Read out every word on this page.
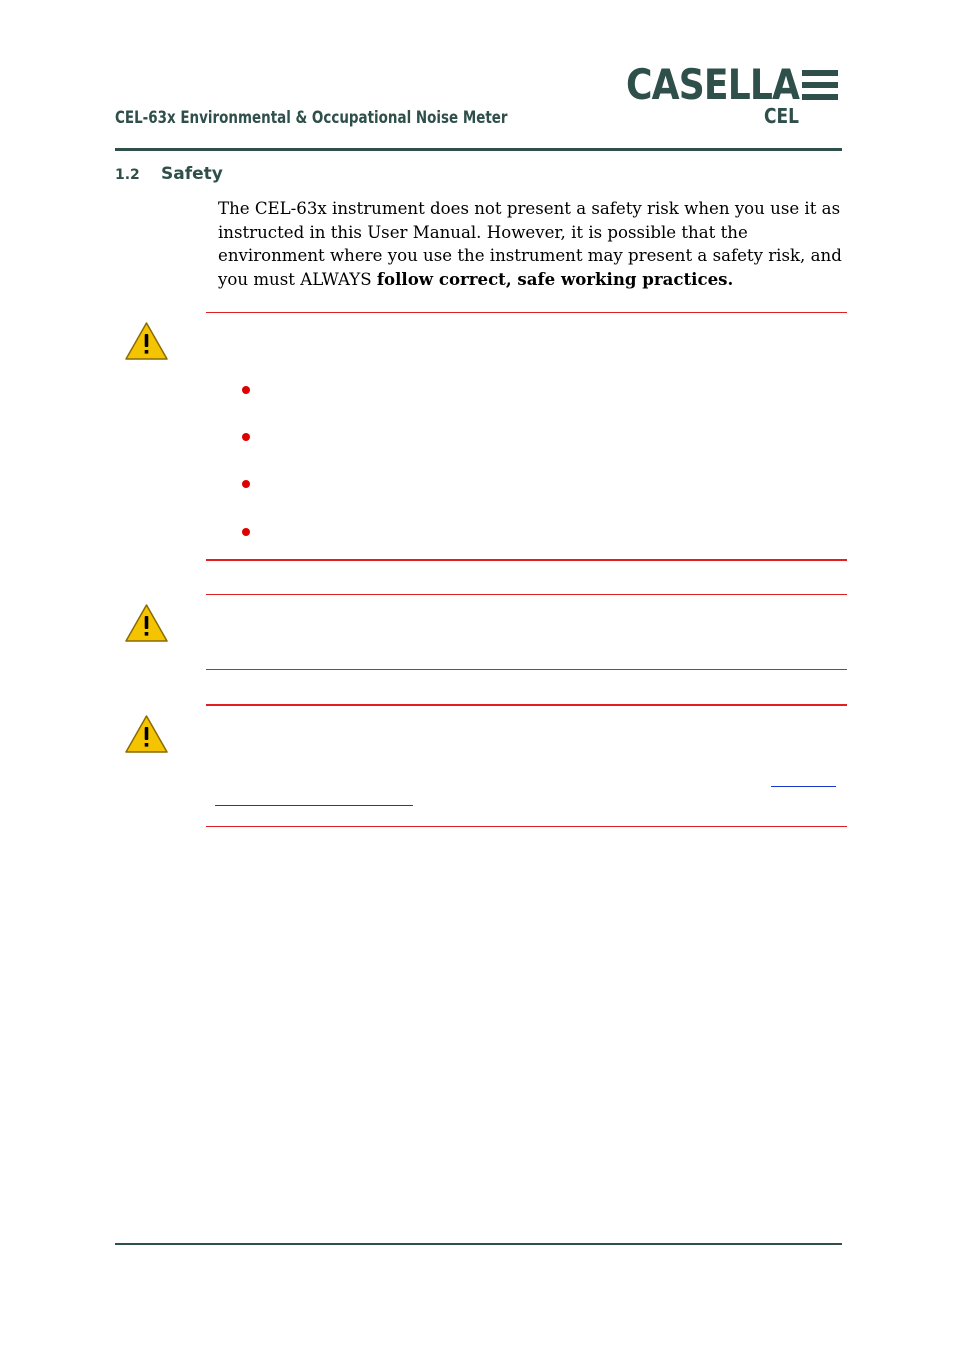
CEL-63x Environmental & Occupational Noise Meter
CASELLA
CEL
1.2 Safety
The CEL-63x instrument does not present a safety risk when you use it as instructed in this User Manual. However, it is possible that the environment where you use the instrument may present a safety risk, and you must ALWAYS follow correct, safe working practices.
